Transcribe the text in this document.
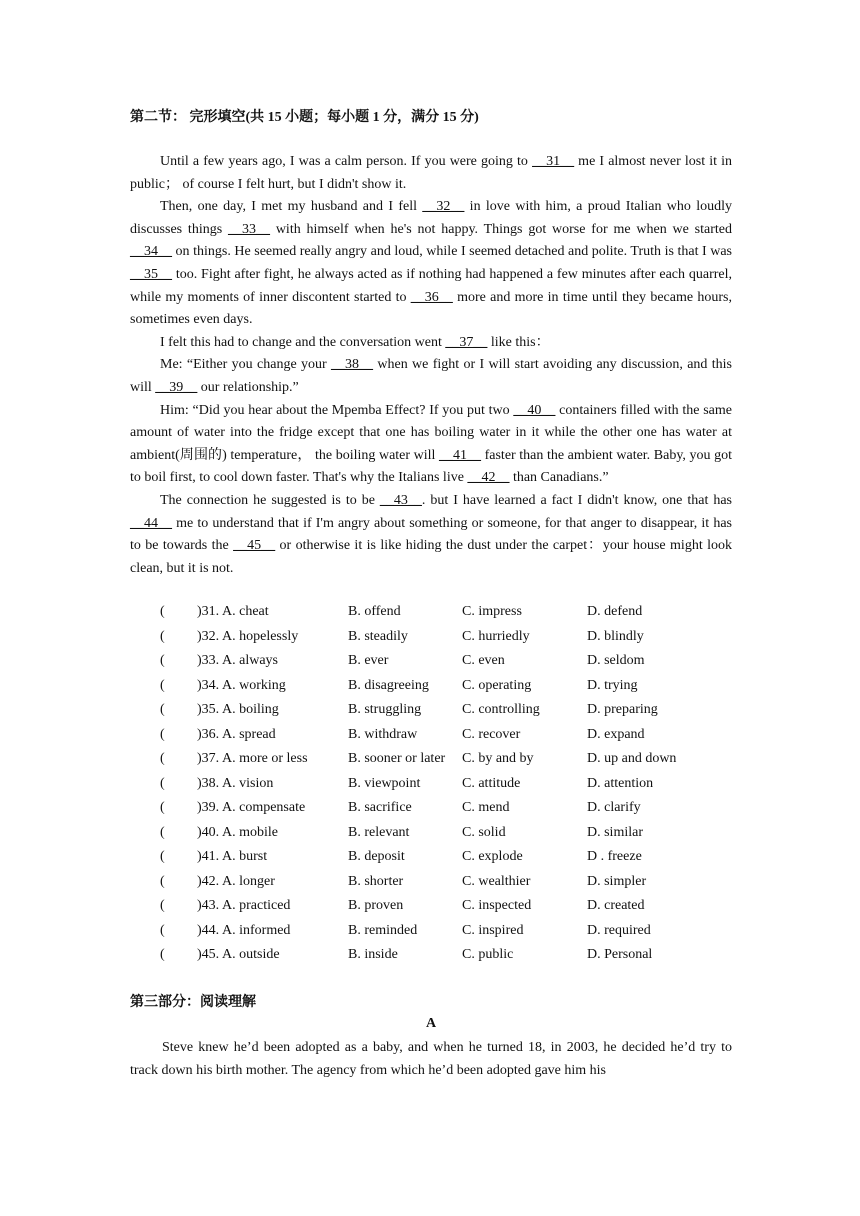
第二节： 完形填空(共 15 小题；每小题 1 分，满分 15 分)

Until a few years ago, I was a calm person. If you were going to __31__ me I almost never lost it in public； of course I felt hurt, but I didn't show it.

Then, one day, I met my husband and I fell __32__ in love with him, a proud Italian who loudly discusses things __33__ with himself when he's not happy. Things got worse for me when we started __34__ on things. He seemed really angry and loud, while I seemed detached and polite. Truth is that I was __35__ too. Fight after fight, he always acted as if nothing had happened a few minutes after each quarrel, while my moments of inner discontent started to __36__ more and more in time until they became hours, sometimes even days.

I felt this had to change and the conversation went __37__ like this：

Me: “Either you change your __38__ when we fight or I will start avoiding any discussion, and this will __39__ our relationship.”

Him: “Did you hear about the Mpemba Effect? If you put two __40__ containers filled with the same amount of water into the fridge except that one has boiling water in it while the other one has water at ambient(周围的) temperature， the boiling water will __41__ faster than the ambient water. Baby, you got to boil first, to cool down faster. That's why the Italians live __42__ than Canadians.”

The connection he suggested is to be __43__. but I have learned a fact I didn't know, one that has __44__ me to understand that if I'm angry about something or someone, for that anger to disappear, it has to be towards the __45__ or otherwise it is like hiding the dust under the carpet：your house might look clean, but it is not.

( )31. A. cheat	B. offend	C. impress	D. defend
( )32. A. hopelessly	B. steadily	C. hurriedly	D. blindly
( )33. A. always	B. ever	C. even	D. seldom
( )34. A. working	B. disagreeing C. operating	D. trying
( )35. A. boiling	B. struggling	C. controlling	D. preparing
( )36. A. spread	B. withdraw	C. recover	D. expand
( )37. A. more or less	B. sooner or later C. by and by	D. up and down
( )38. A. vision	B. viewpoint	C. attitude	D. attention
( )39. A. compensate	B. sacrifice	C. mend	D. clarify
( )40. A. mobile	B. relevant	C. solid	D. similar
( )41. A. burst	B. deposit	C. explode	D . freeze
( )42. A. longer	B. shorter	C. wealthier	D. simpler
( )43. A. practiced	B. proven	C. inspected	D. created
( )44. A. informed	B. reminded	C. inspired	D. required
( )45. A. outside	B. inside	C. public	D. Personal
第三部分：阅读理解
A

Steve knew he’d been adopted as a baby, and when he turned 18, in 2003, he decided he’d try to track down his birth mother. The agency from which he’d been adopted gave him his
